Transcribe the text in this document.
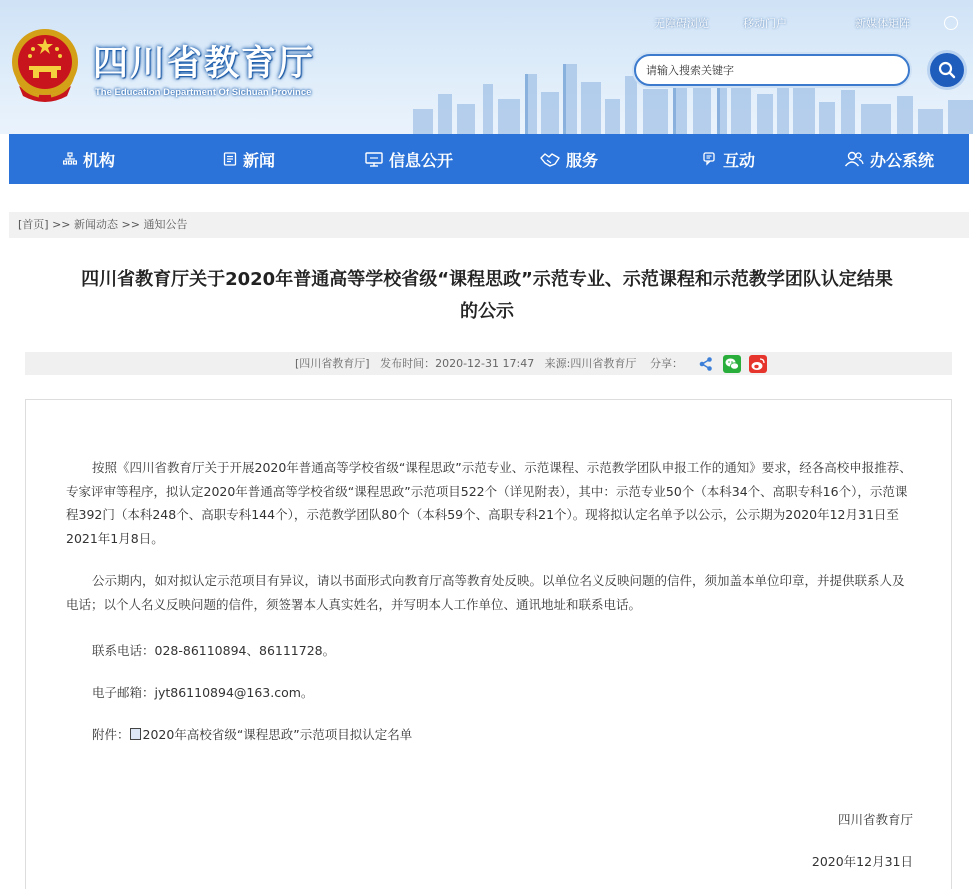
四川省教育厅
The Education Department Of Sichuan Province
无障碍浏览	移动门户	新媒体矩阵
请输入搜索关键字
机构	新闻	信息公开	服务	互动	办公系统
[首页] >> 新闻动态 >> 通知公告
四川省教育厅关于2020年普通高等学校省级“课程思政”示范专业、示范课程和示范教学团队认定结果
的公示
[四川省教育厅]   发布时间：2020-12-31 17:47   来源:四川省教育厅 分享：

按照《四川省教育厅关于开展2020年普通高等学校省级“课程思政”示范专业、示范课程、示范教学团队申报工作的通知》要求，经各高校申报推荐、专家评审等程序，拟认定2020年普通高等学校省级“课程思政”示范项目522个（详见附表），其中：示范专业50个（本科34个、高职专科16个），示范课程392门（本科248个、高职专科144个），示范教学团队80个（本科59个、高职专科21个）。现将拟认定名单予以公示，公示期为2020年12月31日至2021年1月8日。

公示期内，如对拟认定示范项目有异议，请以书面形式向教育厅高等教育处反映。以单位名义反映问题的信件，须加盖本单位印章，并提供联系人及电话；以个人名义反映问题的信件，须签署本人真实姓名，并写明本人工作单位、通讯地址和联系电话。

联系电话：028-86110894、86111728。
电子邮箱：jyt86110894@163.com。
附件： 2020年高校省级“课程思政”示范项目拟认定名单
四川省教育厅
2020年12月31日
